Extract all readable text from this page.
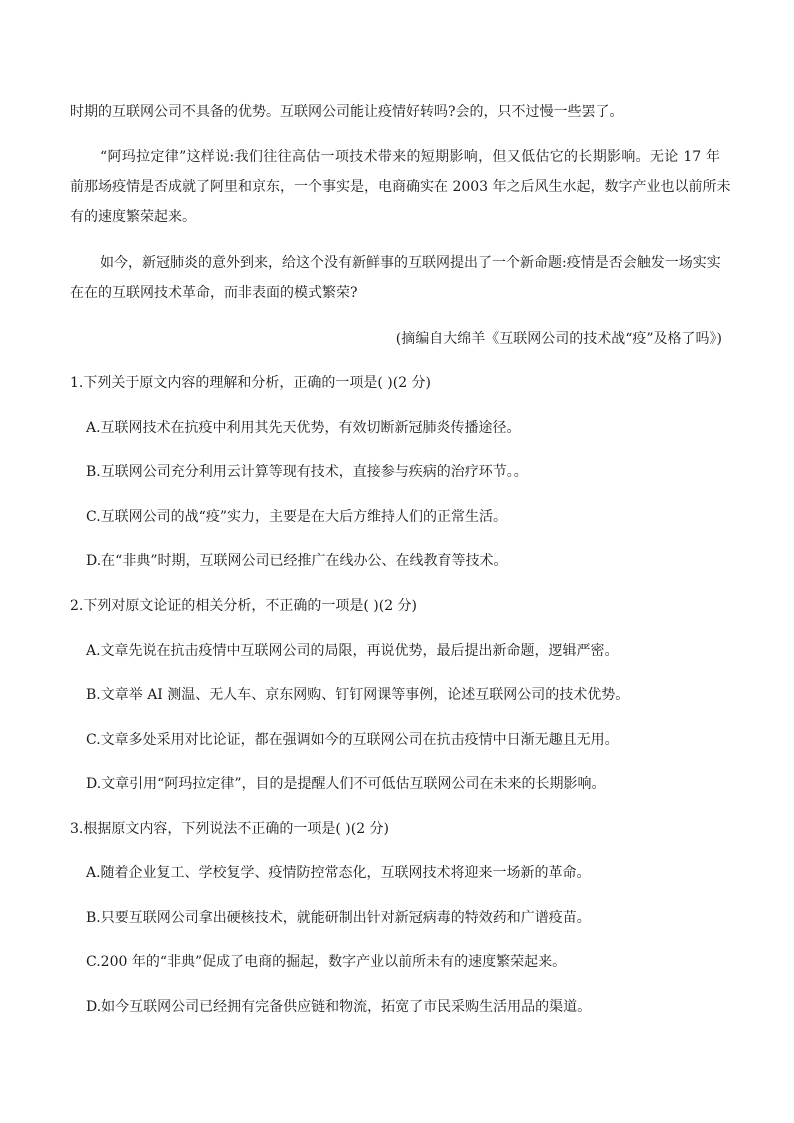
时期的互联网公司不具备的优势。互联网公司能让疫情好转吗?会的，只不过慢一些罢了。
“阿玛拉定律”这样说:我们往往高估一项技术带来的短期影响，但又低估它的长期影响。无论 17 年
前那场疫情是否成就了阿里和京东，一个事实是，电商确实在 2003 年之后风生水起，数字产业也以前所未
有的速度繁荣起来。
如今，新冠肺炎的意外到来，给这个没有新鲜事的互联网提出了一个新命题:疫情是否会触发一场实实
在在的互联网技术革命，而非表面的模式繁荣?
(摘编自大绵羊《互联网公司的技术战“疫”及格了吗》)
1.下列关于原文内容的理解和分析，正确的一项是( )(2 分)
A.互联网技术在抗疫中利用其先天优势，有效切断新冠肺炎传播途径。
B.互联网公司充分利用云计算等现有技术，直接参与疾病的治疗环节。。
C.互联网公司的战“疫”实力，主要是在大后方维持人们的正常生活。
D.在“非典”时期，互联网公司已经推广在线办公、在线教育等技术。
2.下列对原文论证的相关分析，不正确的一项是( )(2 分)
A.文章先说在抗击疫情中互联网公司的局限，再说优势，最后提出新命题，逻辑严密。
B.文章举 AI 测温、无人车、京东网购、钉钉网课等事例，论述互联网公司的技术优势。
C.文章多处采用对比论证，都在强调如今的互联网公司在抗击疫情中日渐无趣且无用。
D.文章引用“阿玛拉定律”，目的是提醒人们不可低估互联网公司在未来的长期影响。
3.根据原文内容，下列说法不正确的一项是( )(2 分)
A.随着企业复工、学校复学、疫情防控常态化，互联网技术将迎来一场新的革命。
B.只要互联网公司拿出硬核技术，就能研制出针对新冠病毒的特效药和广谱疫苗。
C.200 年的“非典”促成了电商的掘起，数字产业以前所未有的速度繁荣起来。
D.如今互联网公司已经拥有完备供应链和物流，拓宽了市民采购生活用品的渠道。
